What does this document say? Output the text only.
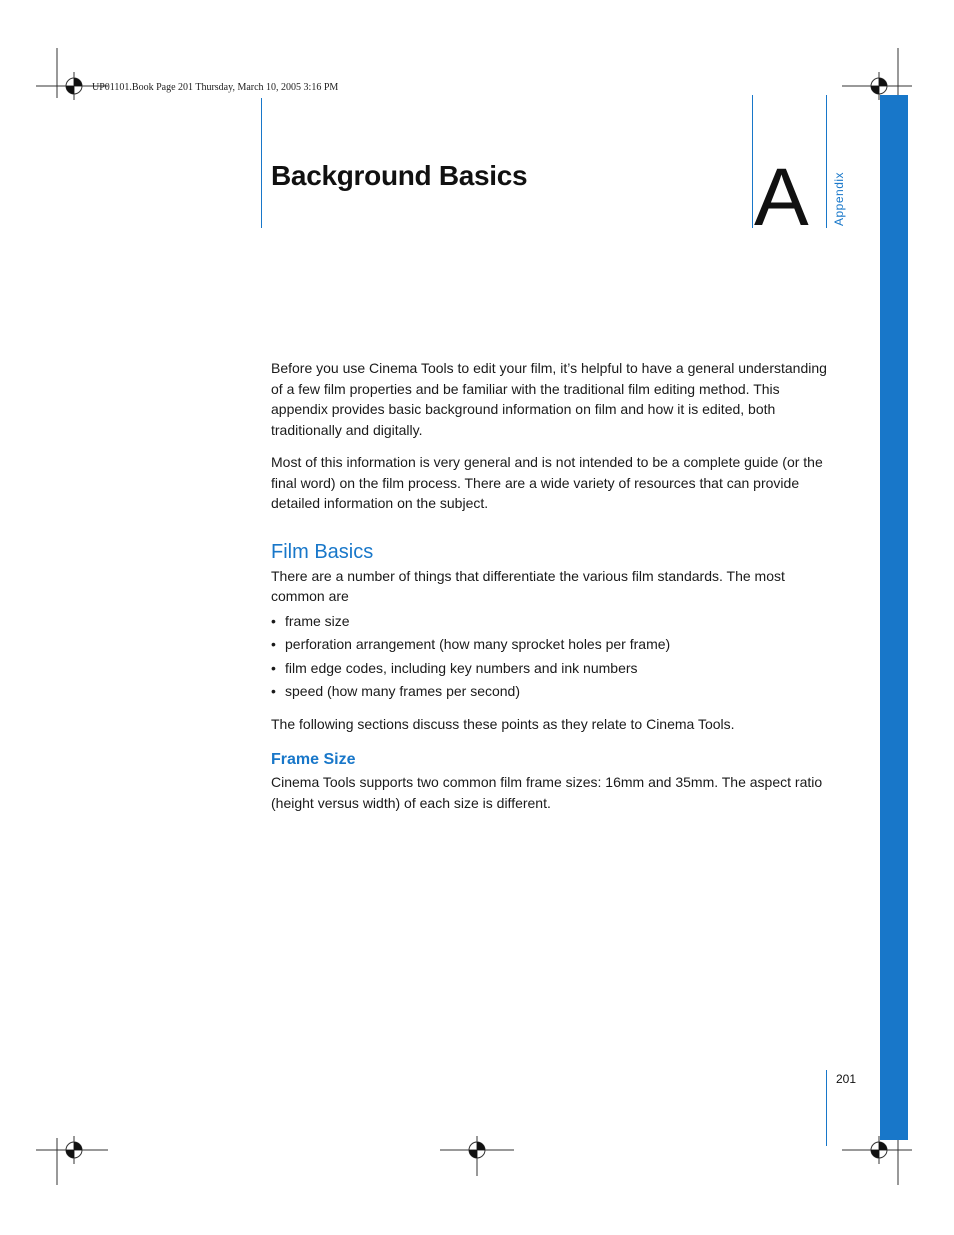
UP01101.Book Page 201 Thursday, March 10, 2005 3:16 PM
Background Basics	A Appendix

Before you use Cinema Tools to edit your film, it’s helpful to have a general understanding of a few film properties and be familiar with the traditional film editing method. This appendix provides basic background information on film and how it is edited, both traditionally and digitally.

Most of this information is very general and is not intended to be a complete guide (or the final word) on the film process. There are a wide variety of resources that can provide detailed information on the subject.

Film Basics

There are a number of things that differentiate the various film standards. The most common are

• frame size
• perforation arrangement (how many sprocket holes per frame)
• film edge codes, including key numbers and ink numbers
• speed (how many frames per second)

The following sections discuss these points as they relate to Cinema Tools.

Frame Size

Cinema Tools supports two common film frame sizes: 16mm and 35mm. The aspect ratio (height versus width) of each size is different.

201
